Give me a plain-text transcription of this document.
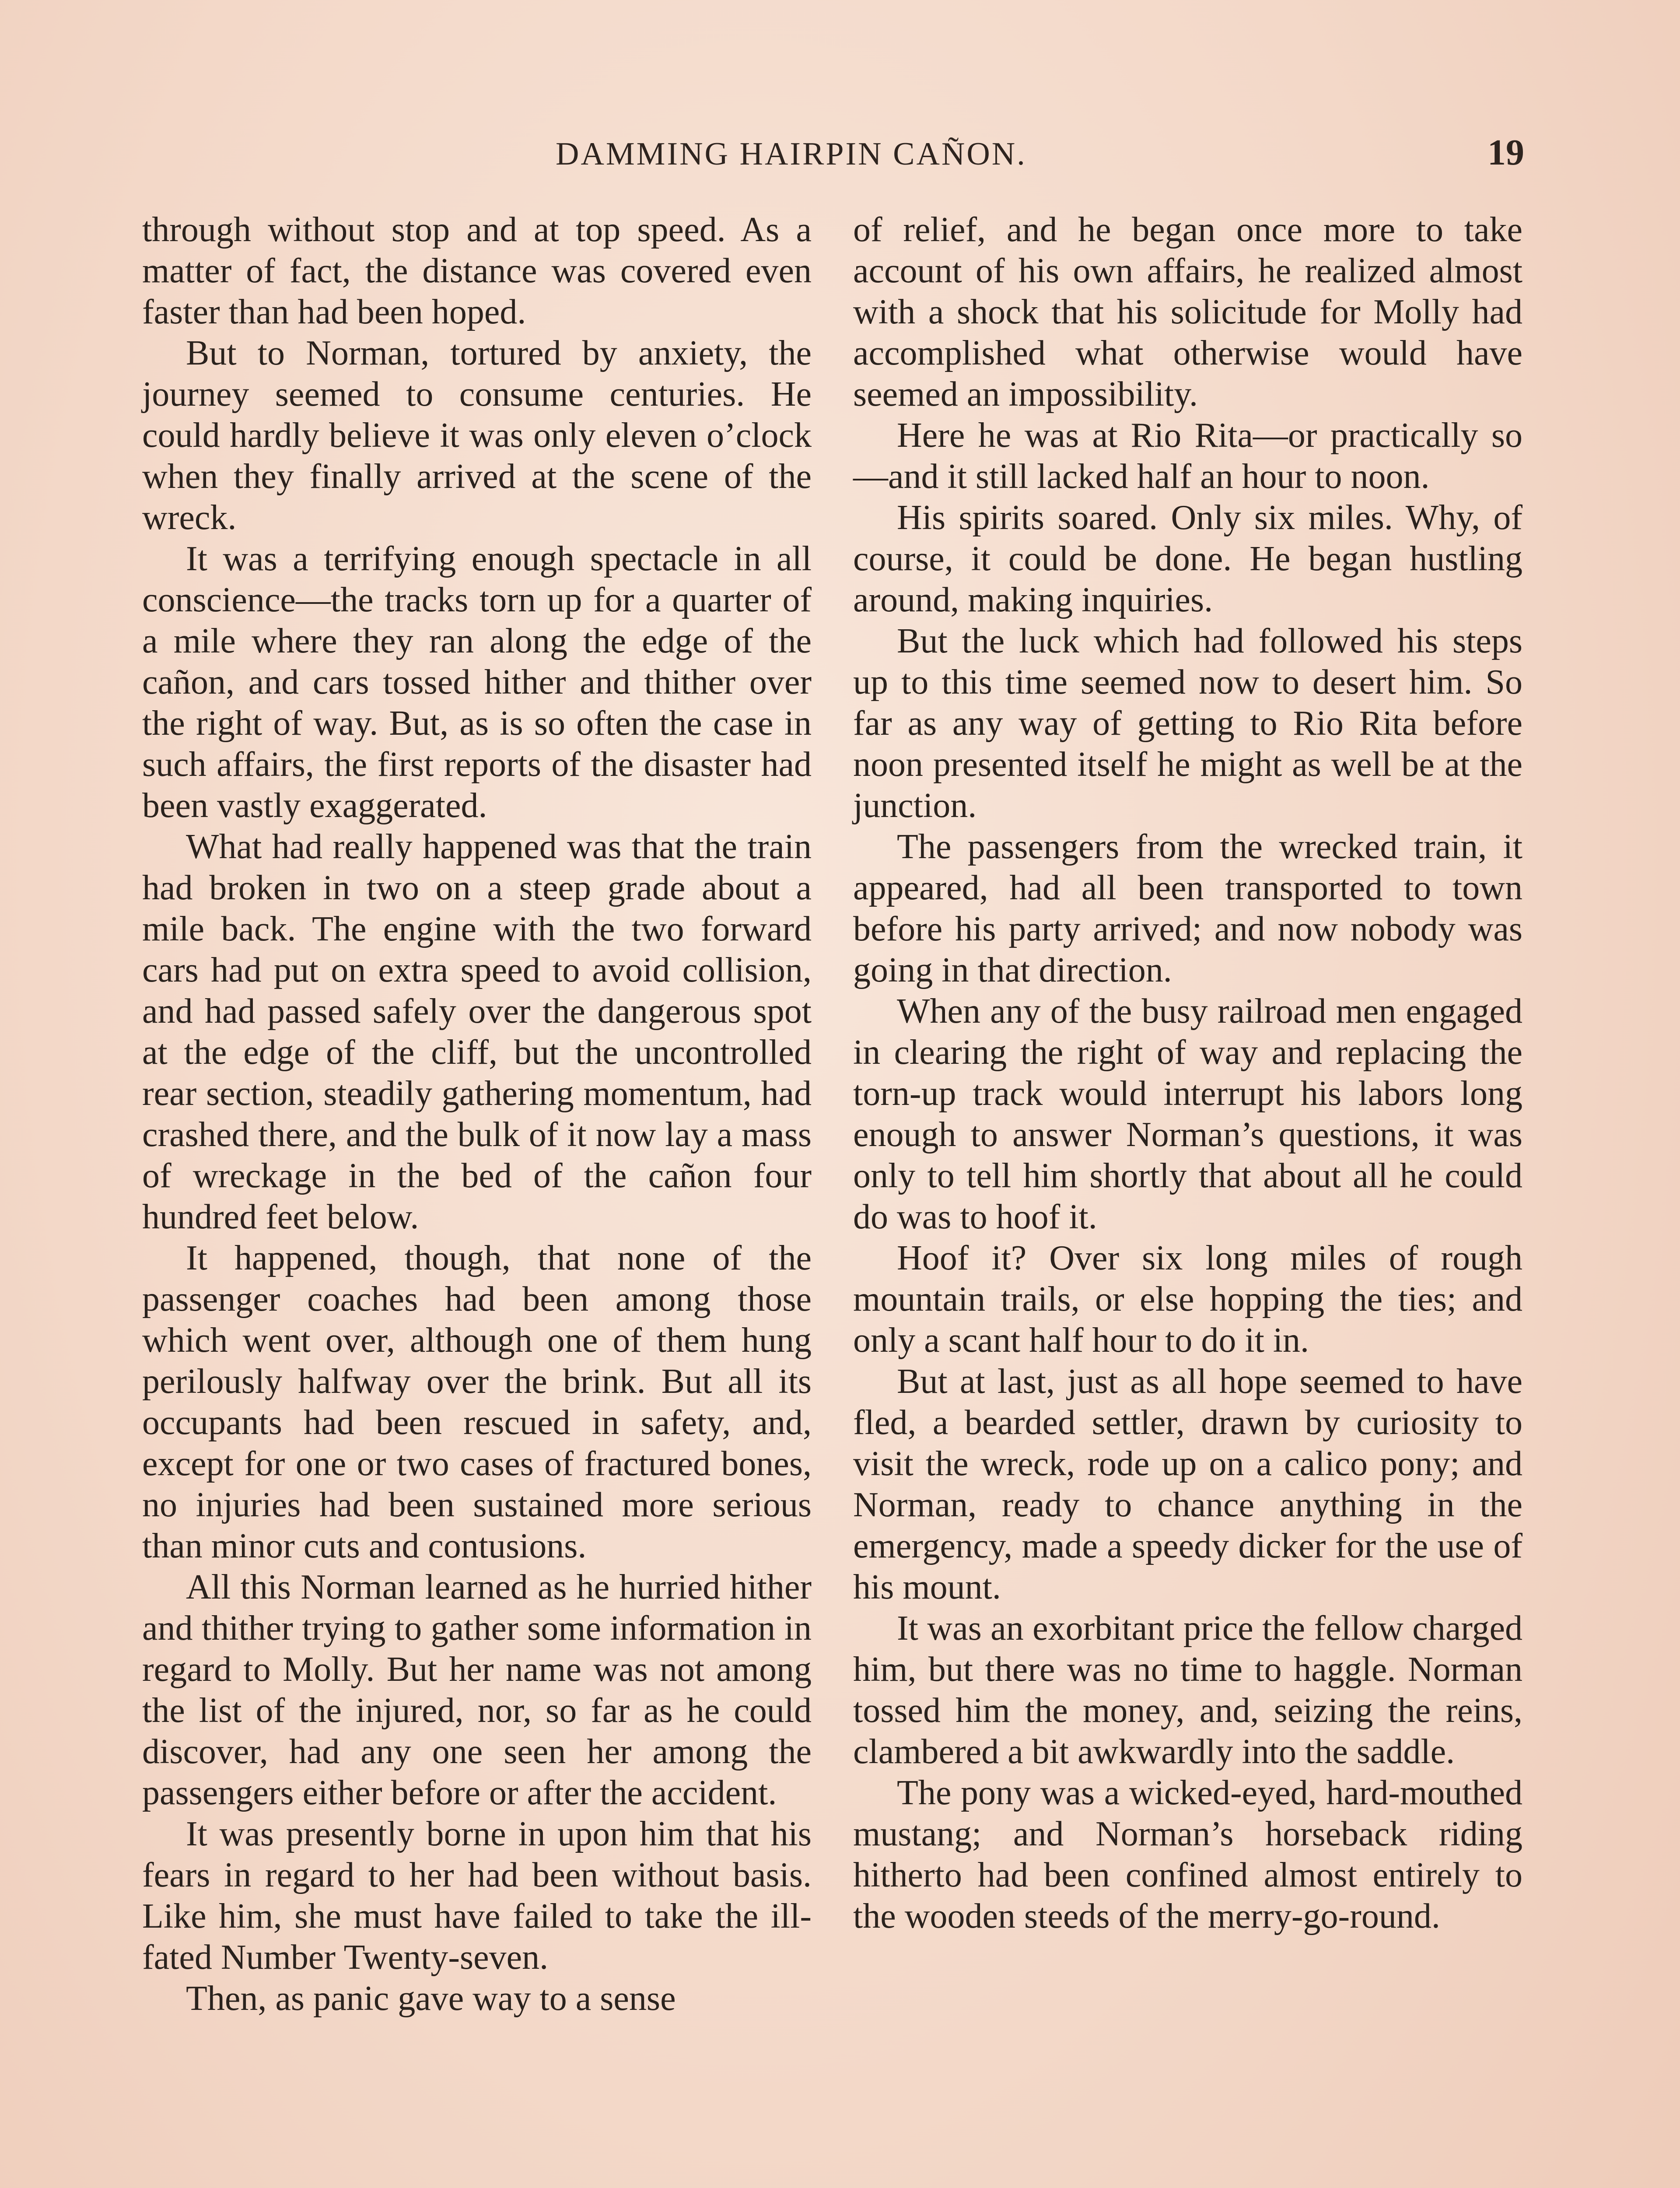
DAMMING HAIRPIN CAÑON.	19

through without stop and at top speed. As a matter of fact, the distance was covered even faster than had been hoped.

But to Norman, tortured by anxiety, the journey seemed to consume centuries. He could hardly believe it was only eleven o’clock when they finally arrived at the scene of the wreck.

It was a terrifying enough spectacle in all conscience—the tracks torn up for a quarter of a mile where they ran along the edge of the cañon, and cars tossed hither and thither over the right of way. But, as is so often the case in such affairs, the first reports of the disaster had been vastly exaggerated.

What had really happened was that the train had broken in two on a steep grade about a mile back. The engine with the two forward cars had put on extra speed to avoid collision, and had passed safely over the dangerous spot at the edge of the cliff, but the uncontrolled rear section, steadily gathering momentum, had crashed there, and the bulk of it now lay a mass of wreckage in the bed of the cañon four hundred feet below.

It happened, though, that none of the passenger coaches had been among those which went over, although one of them hung perilously halfway over the brink. But all its occupants had been rescued in safety, and, except for one or two cases of fractured bones, no injuries had been sustained more serious than minor cuts and contusions.

All this Norman learned as he hurried hither and thither trying to gather some information in regard to Molly. But her name was not among the list of the injured, nor, so far as he could discover, had any one seen her among the passengers either before or after the accident.

It was presently borne in upon him that his fears in regard to her had been without basis. Like him, she must have failed to take the ill-fated Number Twenty-seven.

Then, as panic gave way to a sense

of relief, and he began once more to take account of his own affairs, he realized almost with a shock that his solicitude for Molly had accomplished what otherwise would have seemed an impossibility.

Here he was at Rio Rita—or practically so—and it still lacked half an hour to noon.

His spirits soared. Only six miles. Why, of course, it could be done. He began hustling around, making inquiries.

But the luck which had followed his steps up to this time seemed now to desert him. So far as any way of getting to Rio Rita before noon presented itself he might as well be at the junction.

The passengers from the wrecked train, it appeared, had all been transported to town before his party arrived; and now nobody was going in that direction.

When any of the busy railroad men engaged in clearing the right of way and replacing the torn-up track would interrupt his labors long enough to answer Norman’s questions, it was only to tell him shortly that about all he could do was to hoof it.

Hoof it? Over six long miles of rough mountain trails, or else hopping the ties; and only a scant half hour to do it in.

But at last, just as all hope seemed to have fled, a bearded settler, drawn by curiosity to visit the wreck, rode up on a calico pony; and Norman, ready to chance anything in the emergency, made a speedy dicker for the use of his mount.

It was an exorbitant price the fellow charged him, but there was no time to haggle. Norman tossed him the money, and, seizing the reins, clambered a bit awkwardly into the saddle.

The pony was a wicked-eyed, hard-mouthed mustang; and Norman’s horseback riding hitherto had been confined almost entirely to the wooden steeds of the merry-go-round.
